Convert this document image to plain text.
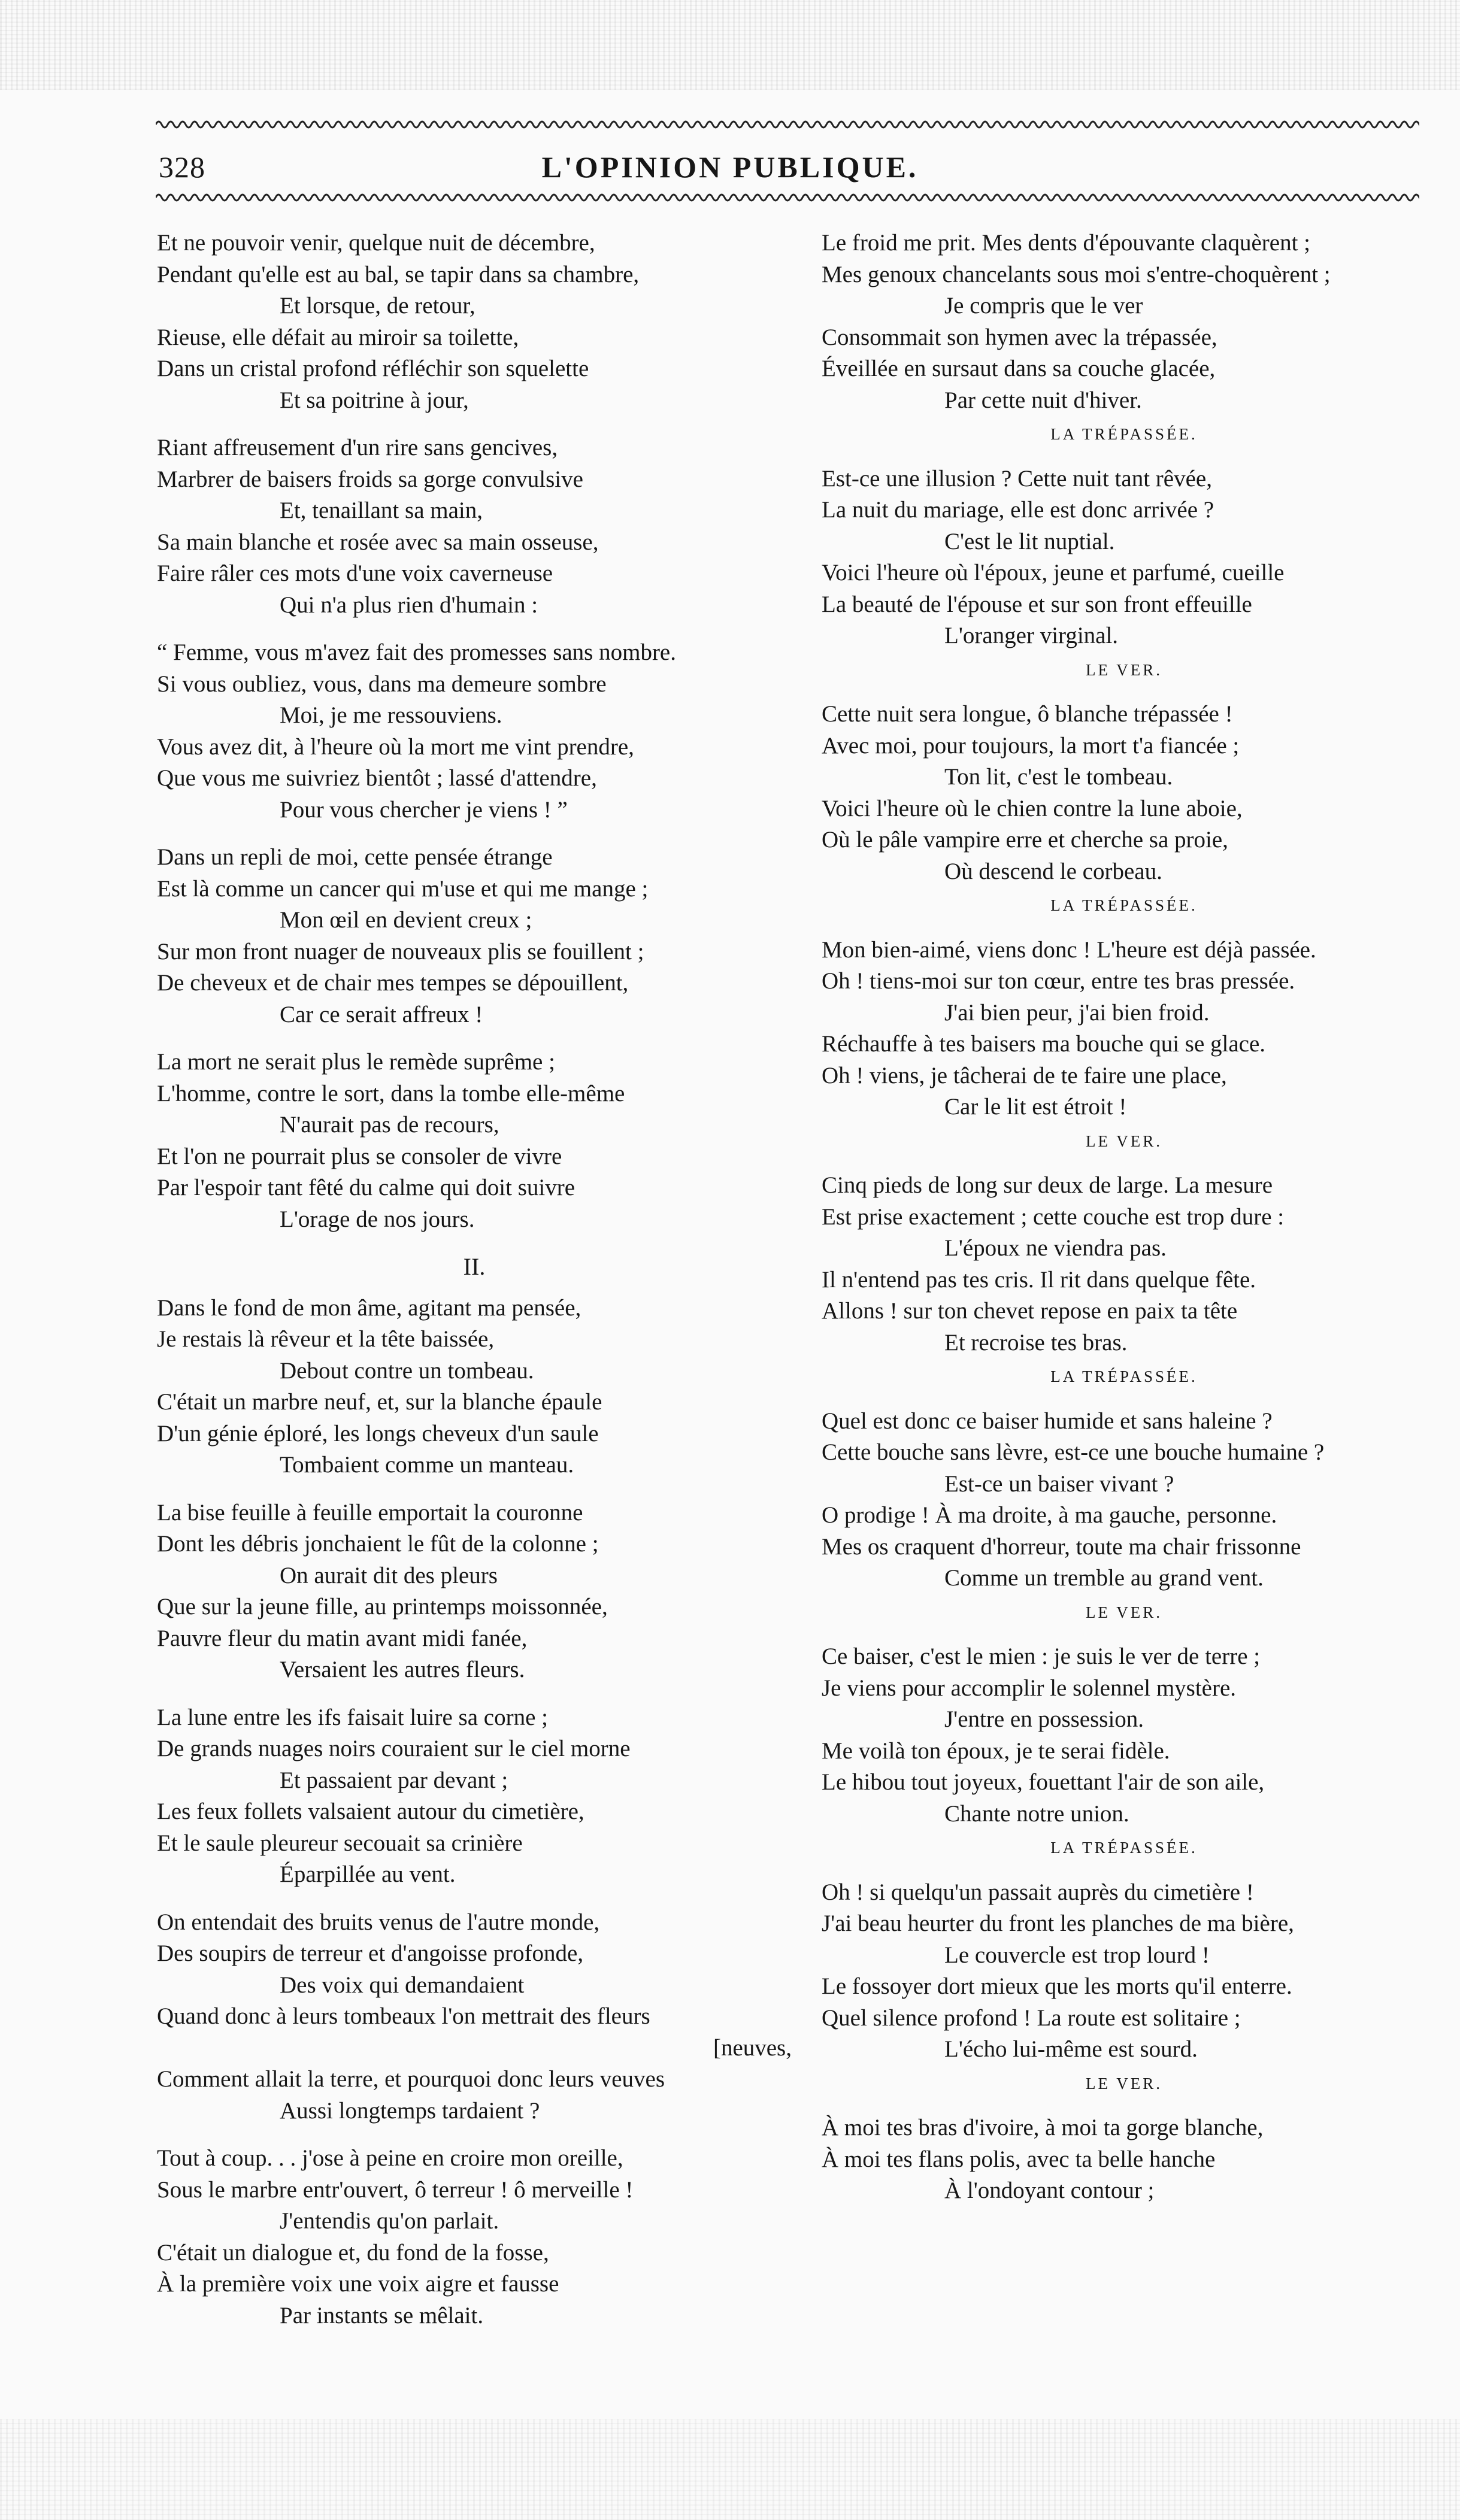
328	L'OPINION PUBLIQUE.
Et ne pouvoir venir, quelque nuit de décembre,
Pendant qu'elle est au bal, se tapir dans sa chambre,
Et lorsque, de retour,
Rieuse, elle défait au miroir sa toilette,
Dans un cristal profond réfléchir son squelette
Et sa poitrine à jour,
Riant affreusement d'un rire sans gencives,
Marbrer de baisers froids sa gorge convulsive
Et, tenaillant sa main,
Sa main blanche et rosée avec sa main osseuse,
Faire râler ces mots d'une voix caverneuse
Qui n'a plus rien d'humain :
“ Femme, vous m'avez fait des promesses sans nombre.
Si vous oubliez, vous, dans ma demeure sombre
Moi, je me ressouviens.
Vous avez dit, à l'heure où la mort me vint prendre,
Que vous me suivriez bientôt ; lassé d'attendre,
Pour vous chercher je viens ! ”
Dans un repli de moi, cette pensée étrange
Est là comme un cancer qui m'use et qui me mange ;
Mon œil en devient creux ;
Sur mon front nuager de nouveaux plis se fouillent ;
De cheveux et de chair mes tempes se dépouillent,
Car ce serait affreux !
La mort ne serait plus le remède suprême ;
L'homme, contre le sort, dans la tombe elle-même
N'aurait pas de recours,
Et l'on ne pourrait plus se consoler de vivre
Par l'espoir tant fêté du calme qui doit suivre
L'orage de nos jours.
II.
Dans le fond de mon âme, agitant ma pensée,
Je restais là rêveur et la tête baissée,
Debout contre un tombeau.
C'était un marbre neuf, et, sur la blanche épaule
D'un génie éploré, les longs cheveux d'un saule
Tombaient comme un manteau.
La bise feuille à feuille emportait la couronne
Dont les débris jonchaient le fût de la colonne ;
On aurait dit des pleurs
Que sur la jeune fille, au printemps moissonnée,
Pauvre fleur du matin avant midi fanée,
Versaient les autres fleurs.
La lune entre les ifs faisait luire sa corne ;
De grands nuages noirs couraient sur le ciel morne
Et passaient par devant ;
Les feux follets valsaient autour du cimetière,
Et le saule pleureur secouait sa crinière
Éparpillée au vent.
On entendait des bruits venus de l'autre monde,
Des soupirs de terreur et d'angoisse profonde,
Des voix qui demandaient
Quand donc à leurs tombeaux l'on mettrait des fleurs
[neuves,
Comment allait la terre, et pourquoi donc leurs veuves
Aussi longtemps tardaient ?
Tout à coup. . . j'ose à peine en croire mon oreille,
Sous le marbre entr'ouvert, ô terreur ! ô merveille !
J'entendis qu'on parlait.
C'était un dialogue et, du fond de la fosse,
À la première voix une voix aigre et fausse
Par instants se mêlait.
Le froid me prit. Mes dents d'épouvante claquèrent ;
Mes genoux chancelants sous moi s'entre-choquèrent ;
Je compris que le ver
Consommait son hymen avec la trépassée,
Éveillée en sursaut dans sa couche glacée,
Par cette nuit d'hiver.
LA TRÉPASSÉE.
Est-ce une illusion ? Cette nuit tant rêvée,
La nuit du mariage, elle est donc arrivée ?
C'est le lit nuptial.
Voici l'heure où l'époux, jeune et parfumé, cueille
La beauté de l'épouse et sur son front effeuille
L'oranger virginal.
LE VER.
Cette nuit sera longue, ô blanche trépassée !
Avec moi, pour toujours, la mort t'a fiancée ;
Ton lit, c'est le tombeau.
Voici l'heure où le chien contre la lune aboie,
Où le pâle vampire erre et cherche sa proie,
Où descend le corbeau.
LA TRÉPASSÉE.
Mon bien-aimé, viens donc ! L'heure est déjà passée.
Oh ! tiens-moi sur ton cœur, entre tes bras pressée.
J'ai bien peur, j'ai bien froid.
Réchauffe à tes baisers ma bouche qui se glace.
Oh ! viens, je tâcherai de te faire une place,
Car le lit est étroit !
LE VER.
Cinq pieds de long sur deux de large. La mesure
Est prise exactement ; cette couche est trop dure :
L'époux ne viendra pas.
Il n'entend pas tes cris. Il rit dans quelque fête.
Allons ! sur ton chevet repose en paix ta tête
Et recroise tes bras.
LA TRÉPASSÉE.
Quel est donc ce baiser humide et sans haleine ?
Cette bouche sans lèvre, est-ce une bouche humaine ?
Est-ce un baiser vivant ?
O prodige ! À ma droite, à ma gauche, personne.
Mes os craquent d'horreur, toute ma chair frissonne
Comme un tremble au grand vent.
LE VER.
Ce baiser, c'est le mien : je suis le ver de terre ;
Je viens pour accomplir le solennel mystère.
J'entre en possession.
Me voilà ton époux, je te serai fidèle.
Le hibou tout joyeux, fouettant l'air de son aile,
Chante notre union.
LA TRÉPASSÉE.
Oh ! si quelqu'un passait auprès du cimetière !
J'ai beau heurter du front les planches de ma bière,
Le couvercle est trop lourd !
Le fossoyer dort mieux que les morts qu'il enterre.
Quel silence profond ! La route est solitaire ;
L'écho lui-même est sourd.
LE VER.
À moi tes bras d'ivoire, à moi ta gorge blanche,
À moi tes flans polis, avec ta belle hanche
À l'ondoyant contour ;
